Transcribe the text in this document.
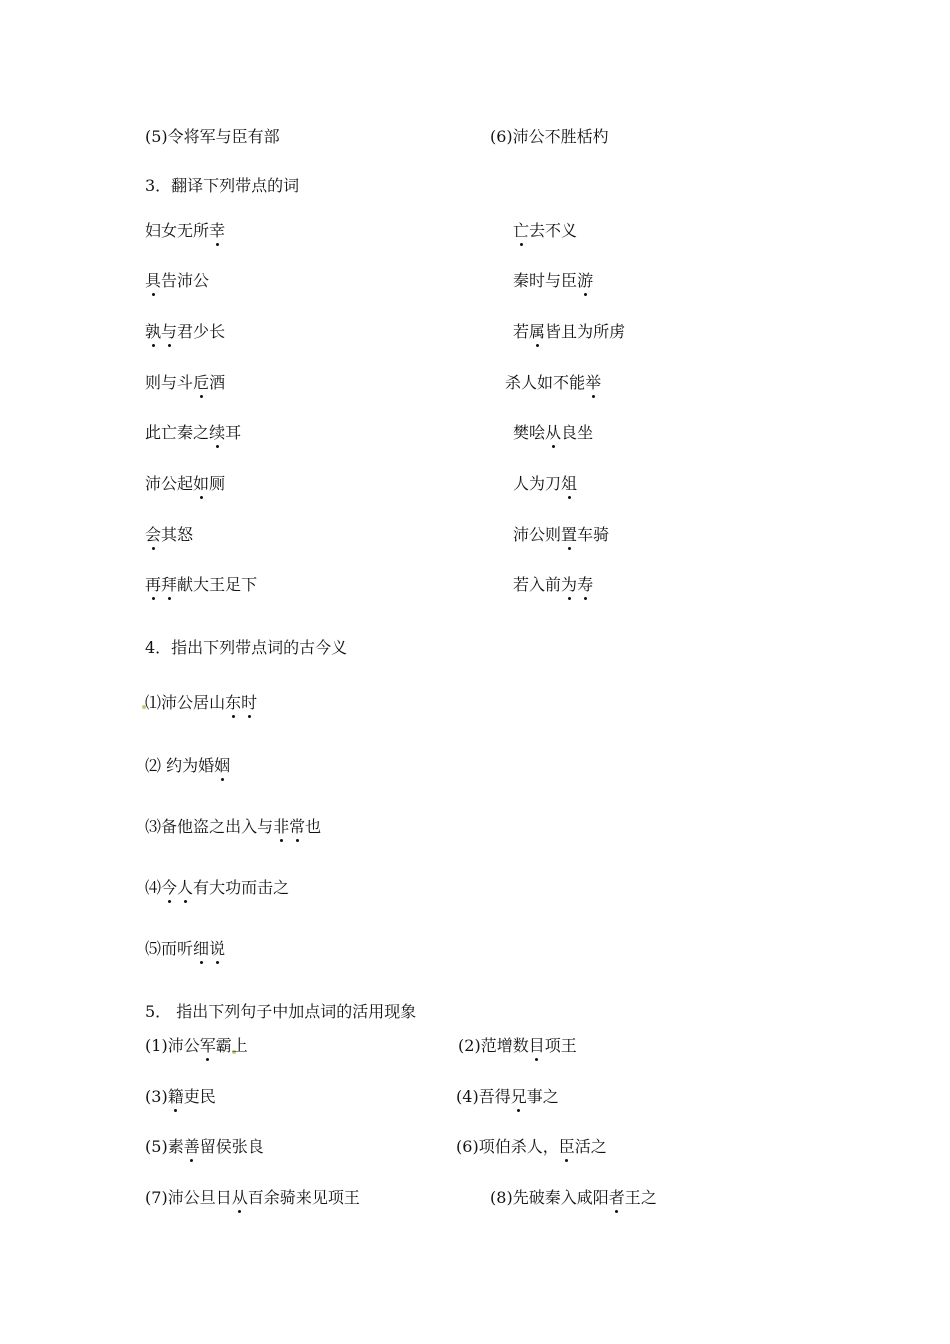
(5)令将军与臣有部	(6)沛公不胜栝杓
3．翻译下列带点的词
妇女无所幸	亡去不义
具告沛公	秦时与臣游
孰与君少长	若属皆且为所虏
则与斗卮酒	杀人如不能举
此亡秦之续耳	樊哙从良坐
沛公起如厕	人为刀俎
会其怒	沛公则置车骑
再拜献大王足下	若入前为寿
4．指出下列带点词的古今义
⑴沛公居山东时
⑵ 约为婚姻
⑶备他盗之出入与非常也
⑷今人有大功而击之
⑸而听细说
5． 指出下列句子中加点词的活用现象
(1)沛公军霸上	(2)范增数目项王
(3)籍吏民	(4)吾得兄事之
(5)素善留侯张良	(6)项伯杀人，臣活之
(7)沛公旦日从百余骑来见项王	(8)先破秦入咸阳者王之
